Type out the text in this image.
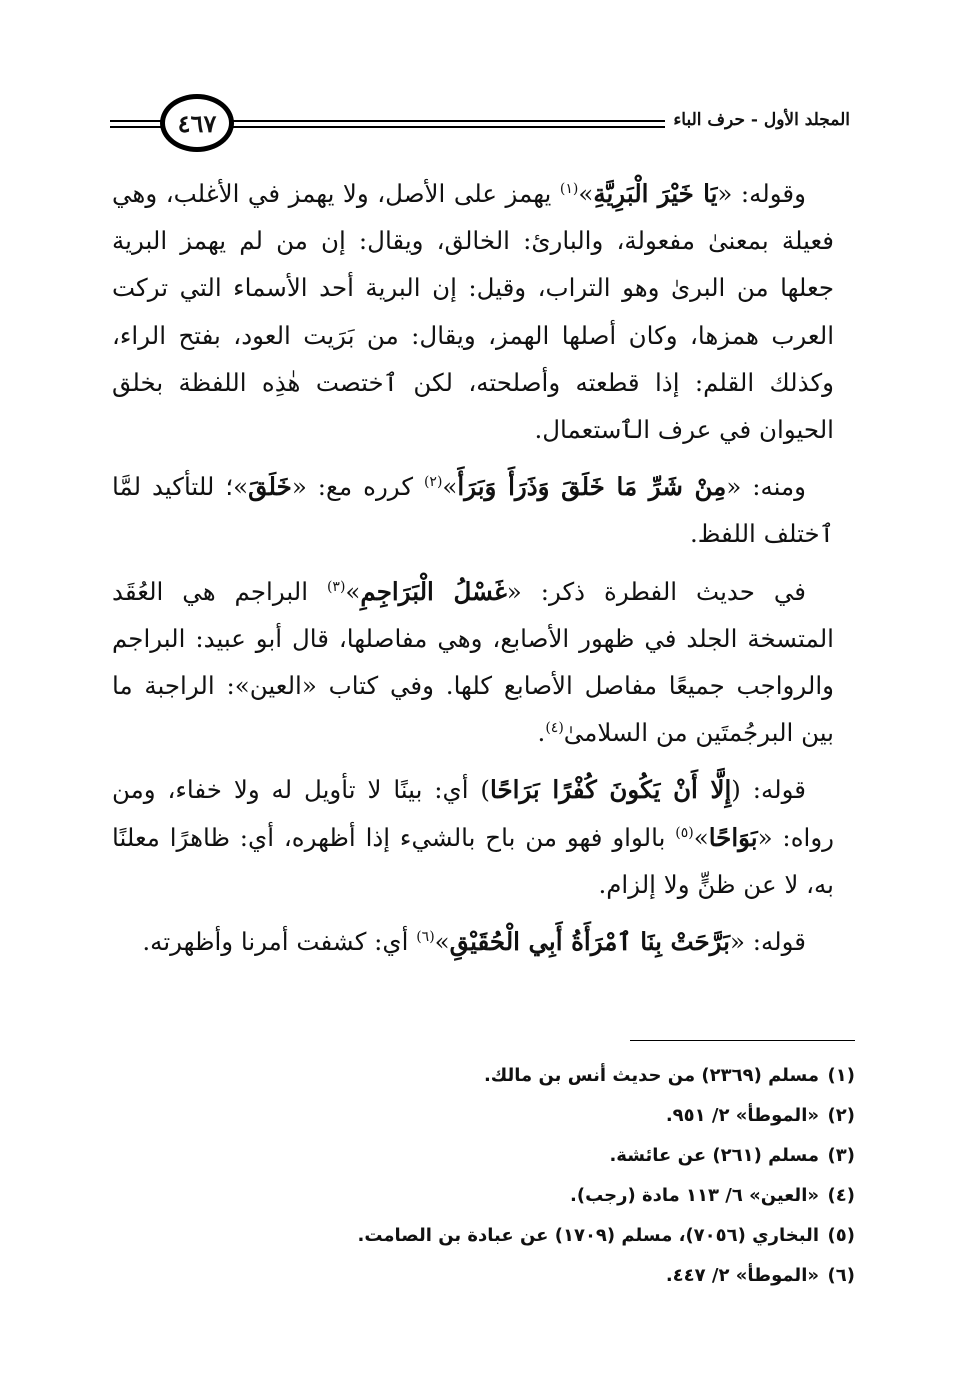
٤٦٧	المجلد الأول - حرف الباء

وقوله: «يَا خَيْرَ الْبَرِيَّةِ»$^{(١)}$ يهمز على الأصل، ولا يهمز في الأغلب، وهي فعيلة بمعنىٰ مفعولة، والبارئ: الخالق، ويقال: إن من لم يهمز البرية جعلها من البرىٰ وهو التراب، وقيل: إن البرية أحد الأسماء التي تركت العرب همزها، وكان أصلها الهمز، ويقال: من بَرَيت العود، بفتح الراء، وكذلك القلم: إذا قطعته وأصلحته، لكن ٱختصت هٰذِه اللفظة بخلق الحيوان في عرف الٱستعمال.

ومنه: «مِنْ شَرِّ مَا خَلَقَ وَذَرَأَ وَبَرَأَ»$^{(٢)}$ كرره مع: «خَلَقَ»؛ للتأكيد لمَّا ٱختلف اللفظ.

في حديث الفطرة ذكر: «غَسْلُ الْبَرَاجِمِ»$^{(٣)}$ البراجم هي العُقَد المتسخة الجلد في ظهور الأصابع، وهي مفاصلها، قال أبو عبيد: البراجم والرواجب جميعًا مفاصل الأصابع كلها. وفي كتاب «العين»: الراجبة ما بين البرجُمتَين من السلامىٰ$^{(٤)}$.

قوله: (إِلَّا أَنْ يَكُونَ كُفْرًا بَرَاحًا) أي: بينًا لا تأويل له ولا خفاء، ومن رواه: «بَوَاحًا»$^{(٥)}$ بالواو فهو من باح بالشيء إذا أظهره، أي: ظاهرًا معلنًا به، لا عن ظنٍّ ولا إلزام.

قوله: «بَرَّحَتْ بِنَا ٱمْرَأَةُ أَبِي الْحُقَيْقِ»$^{(٦)}$ أي: كشفت أمرنا وأظهرته.

(١)
مسلم (٢٣٦٩) من حديث أنس بن مالك.
(٢)
«الموطأ» ٢/ ٩٥١.
(٣)
مسلم (٢٦١) عن عائشة.
(٤)
«العين» ٦/ ١١٣ مادة (رجب).
(٥)
البخاري (٧٠٥٦)، مسلم (١٧٠٩) عن عبادة بن الصامت.
(٦)
«الموطأ» ٢/ ٤٤٧.
